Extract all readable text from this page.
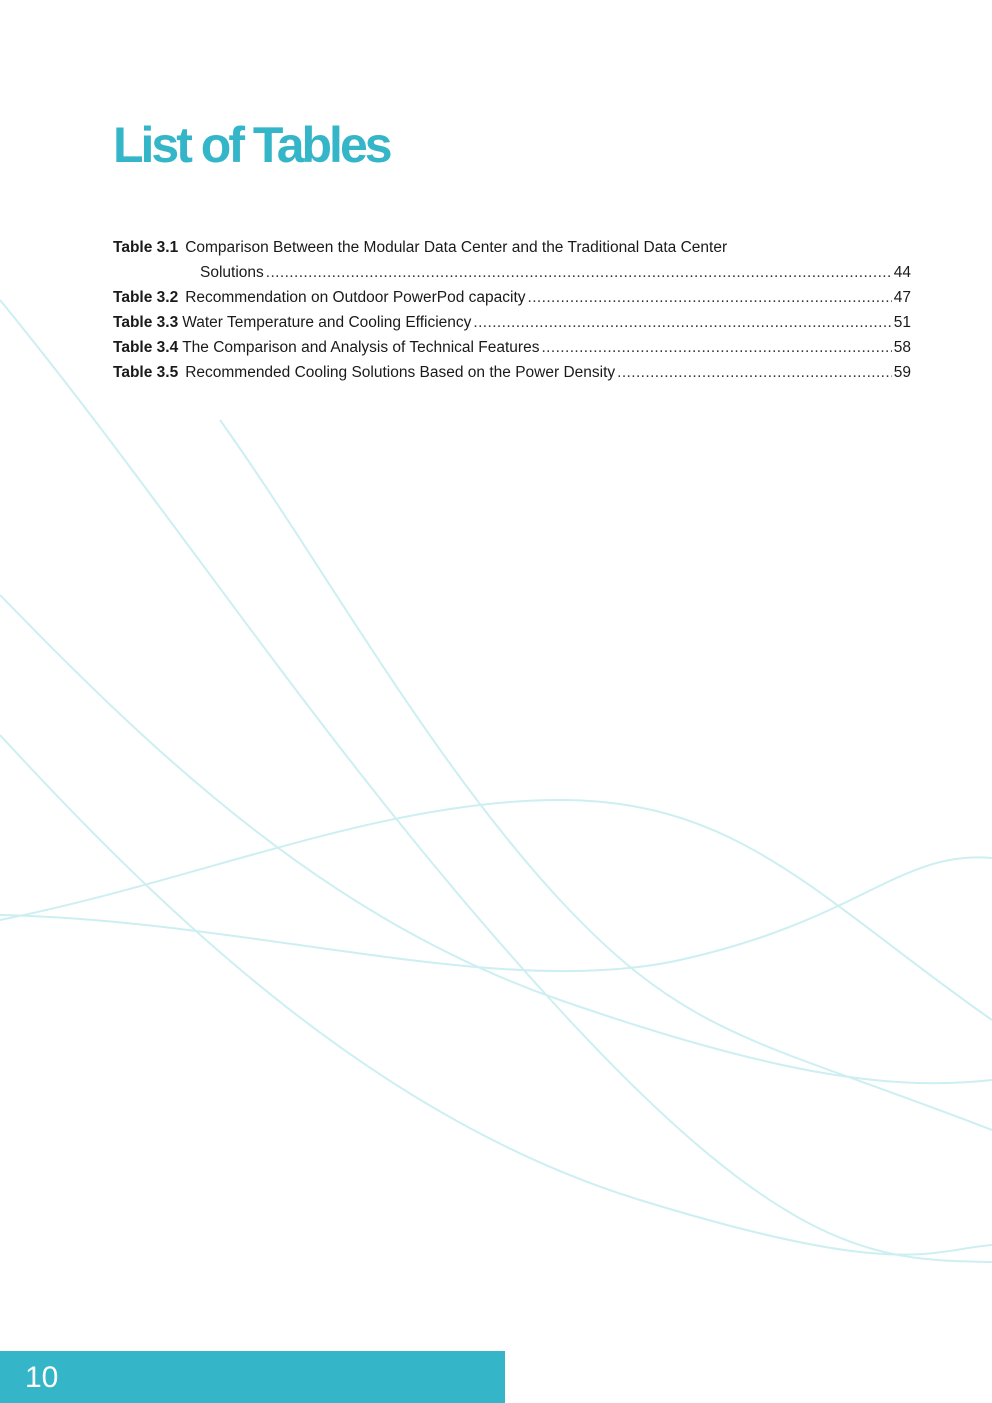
List of Tables
Table 3.1 Comparison Between the Modular Data Center and the Traditional Data Center
Solutions .....	44
Table 3.2 Recommendation on Outdoor PowerPod capacity .....	47
Table 3.3 Water Temperature and Cooling Efficiency .....	51
Table 3.4 The Comparison and Analysis of Technical Features .....	58
Table 3.5 Recommended Cooling Solutions Based on the Power Density .....	59
10
